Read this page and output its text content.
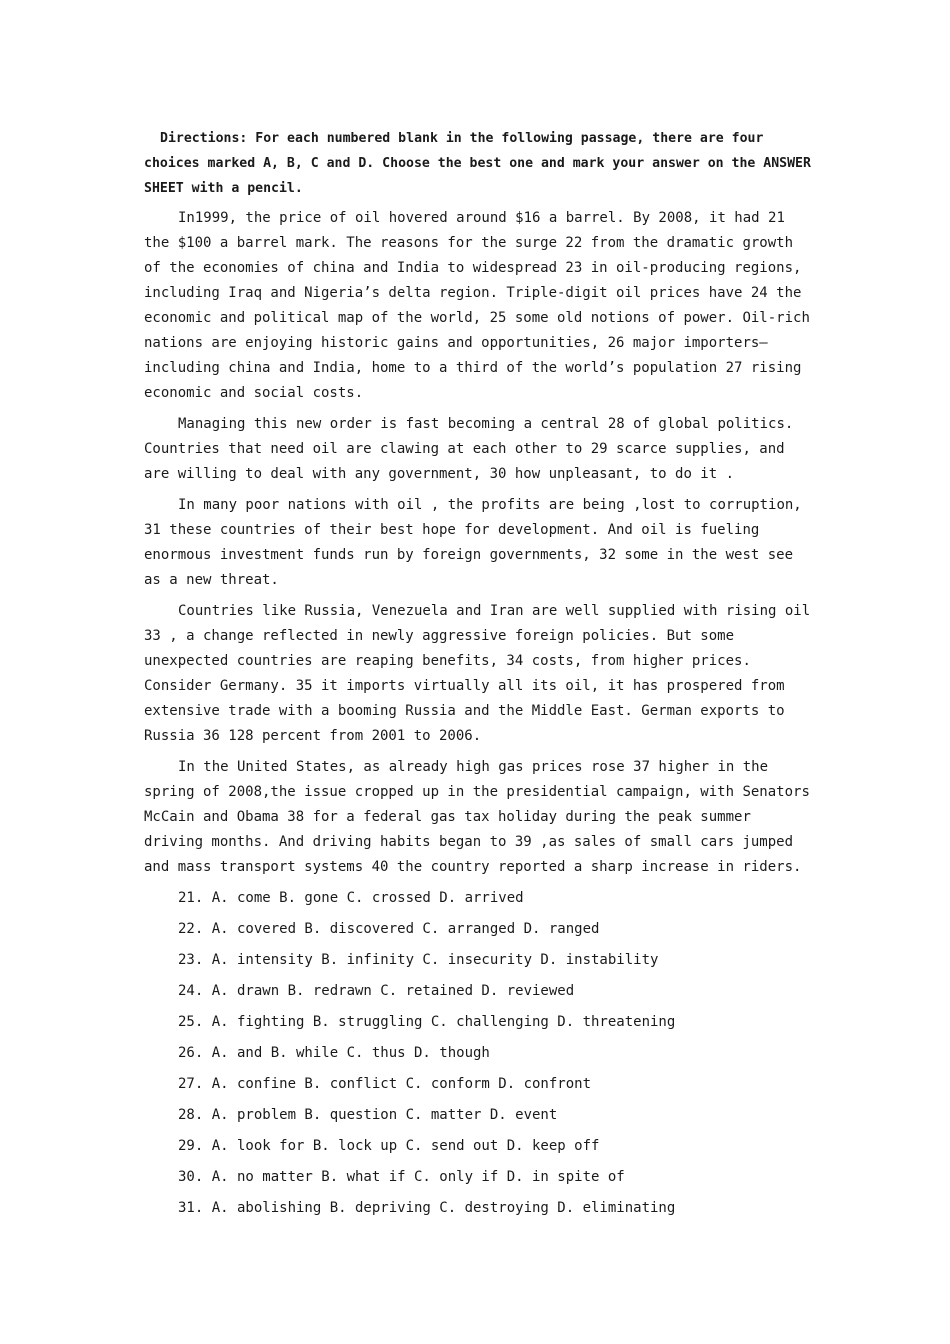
Directions: For each numbered blank in the following passage, there are four choices marked A, B, C and D. Choose the best one and mark your answer on the ANSWER SHEET with a pencil.

In1999, the price of oil hovered around $16 a barrel. By 2008, it had 21 the $100 a barrel mark. The reasons for the surge 22 from the dramatic growth of the economies of china and India to widespread 23 in oil-producing regions, including Iraq and Nigeria’s delta region. Triple-digit oil prices have 24 the economic and political map of the world, 25 some old notions of power. Oil-rich nations are enjoying historic gains and opportunities, 26 major importers—including china and India, home to a third of the world’s population 27 rising economic and social costs.

Managing this new order is fast becoming a central 28 of global politics. Countries that need oil are clawing at each other to 29 scarce supplies, and are willing to deal with any government, 30 how unpleasant, to do it .

In many poor nations with oil , the profits are being ,lost to corruption, 31 these countries of their best hope for development. And oil is fueling enormous investment funds run by foreign governments, 32 some in the west see as a new threat.

Countries like Russia, Venezuela and Iran are well supplied with rising oil 33 , a change reflected in newly aggressive foreign policies. But some unexpected countries are reaping benefits, 34 costs, from higher prices. Consider Germany. 35 it imports virtually all its oil, it has prospered from extensive trade with a booming Russia and the Middle East. German exports to Russia 36 128 percent from 2001 to 2006.

In the United States, as already high gas prices rose 37 higher in the spring of 2008,the issue cropped up in the presidential campaign, with Senators McCain and Obama 38 for a federal gas tax holiday during the peak summer driving months. And driving habits began to 39 ,as sales of small cars jumped and mass transport systems 40 the country reported a sharp increase in riders.

21. A. come B. gone C. crossed D. arrived
22. A. covered B. discovered C. arranged D. ranged
23. A. intensity B. infinity C. insecurity D. instability
24. A. drawn B. redrawn C. retained D. reviewed
25. A. fighting B. struggling C. challenging D. threatening
26. A. and B. while C. thus D. though
27. A. confine B. conflict C. conform D. confront
28. A. problem B. question C. matter D. event
29. A. look for B. lock up C. send out D. keep off
30. A. no matter B. what if C. only if D. in spite of
31. A. abolishing B. depriving C. destroying D. eliminating
